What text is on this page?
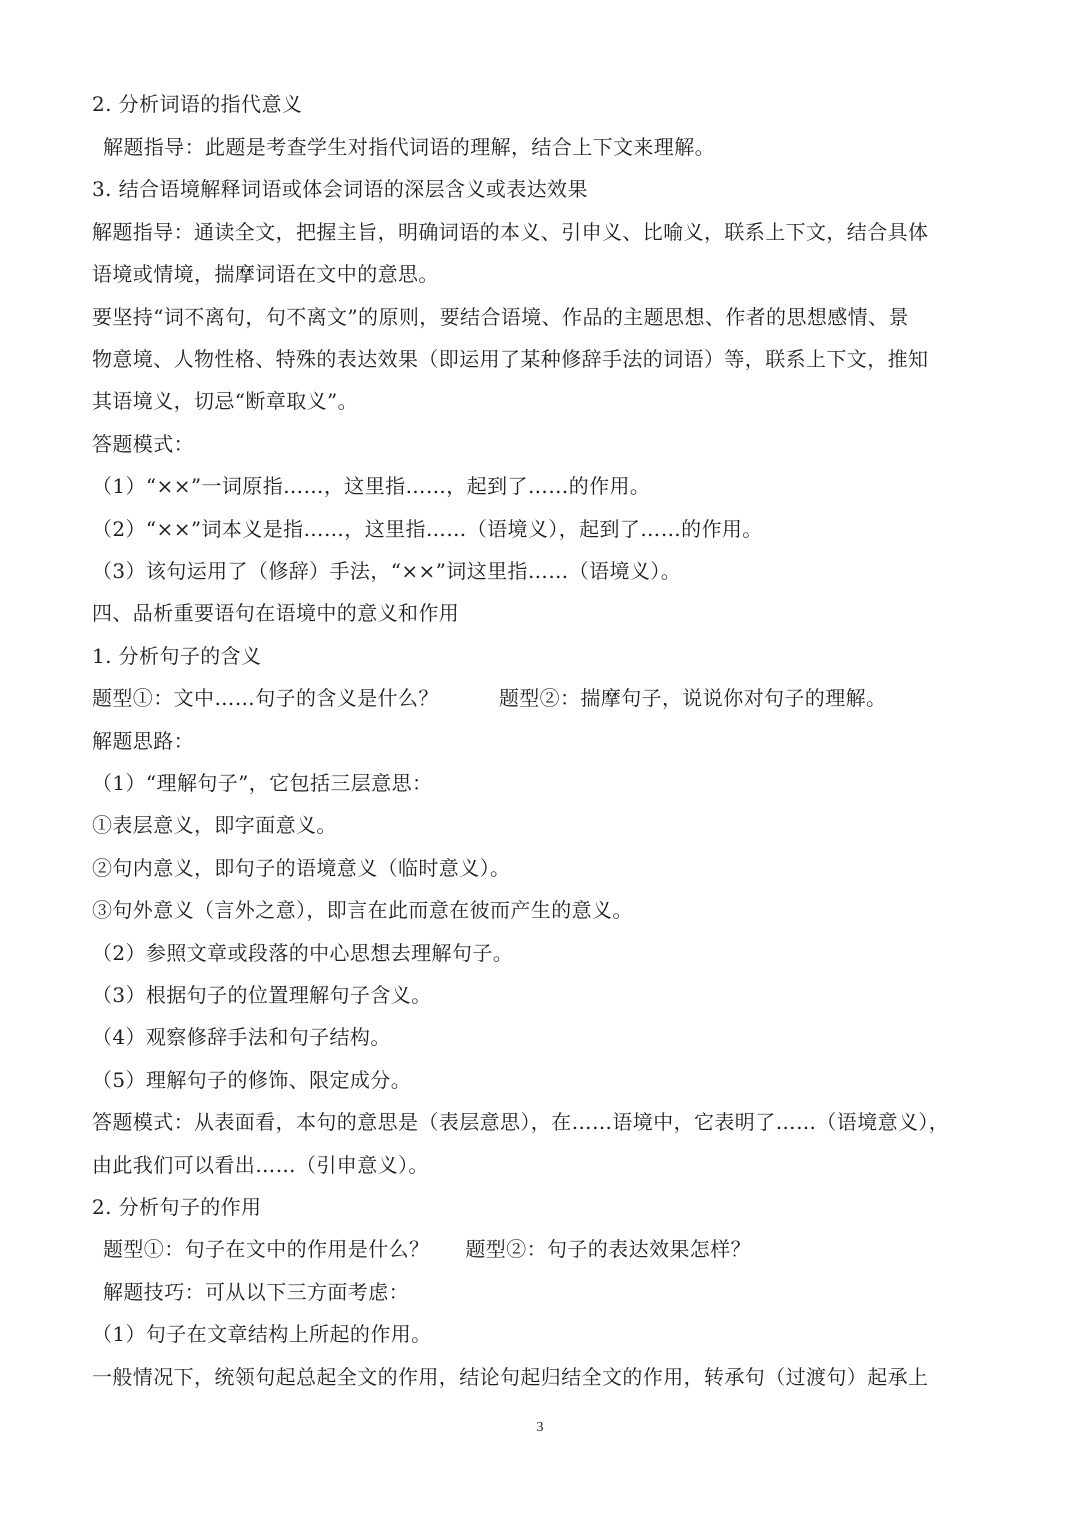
2. 分析词语的指代意义
解题指导：此题是考查学生对指代词语的理解，结合上下文来理解。
3. 结合语境解释词语或体会词语的深层含义或表达效果
解题指导：通读全文，把握主旨，明确词语的本义、引申义、比喻义，联系上下文，结合具体
语境或情境，揣摩词语在文中的意思。
要坚持“词不离句，句不离文”的原则，要结合语境、作品的主题思想、作者的思想感情、景
物意境、人物性格、特殊的表达效果（即运用了某种修辞手法的词语）等，联系上下文，推知
其语境义，切忌“断章取义”。
答题模式：
（1）“××”一词原指……，这里指……，起到了……的作用。
（2）“××”词本义是指……，这里指……（语境义），起到了……的作用。
（3）该句运用了（修辞）手法，“××”词这里指……（语境义）。
四、品析重要语句在语境中的意义和作用
1. 分析句子的含义
题型①：文中……句子的含义是什么？	题型②：揣摩句子，说说你对句子的理解。
解题思路：
（1）“理解句子”，它包括三层意思：
①表层意义，即字面意义。
②句内意义，即句子的语境意义（临时意义）。
③句外意义（言外之意），即言在此而意在彼而产生的意义。
（2）参照文章或段落的中心思想去理解句子。
（3）根据句子的位置理解句子含义。
（4）观察修辞手法和句子结构。
（5）理解句子的修饰、限定成分。
答题模式：从表面看，本句的意思是（表层意思），在……语境中，它表明了……（语境意义），
由此我们可以看出……（引申意义）。
2. 分析句子的作用
题型①：句子在文中的作用是什么？ 题型②：句子的表达效果怎样？
解题技巧：可从以下三方面考虑：
（1）句子在文章结构上所起的作用。
一般情况下，统领句起总起全文的作用，结论句起归结全文的作用，转承句（过渡句）起承上
3
